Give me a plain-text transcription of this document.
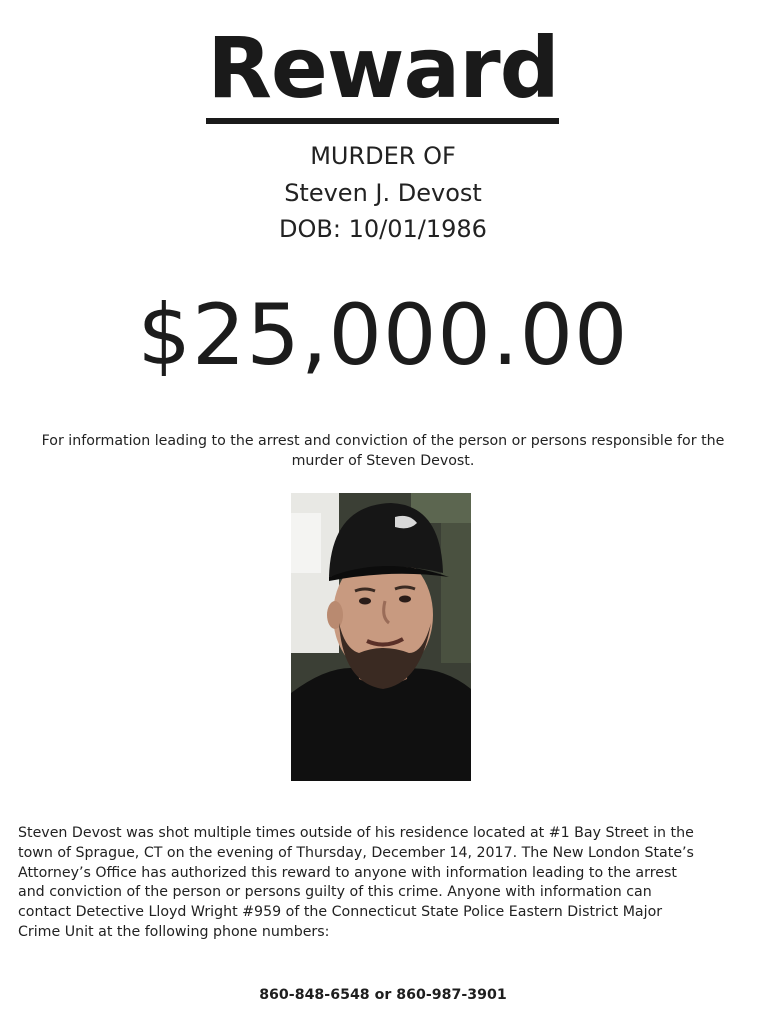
Reward

MURDER OF

Steven J. Devost

DOB: 10/01/1986

$25,000.00

For information leading to the arrest and conviction of the person or persons responsible for the murder of Steven Devost.

Steven Devost was shot multiple times outside of his residence located at #1 Bay Street in the
town of Sprague, CT on the evening of Thursday, December 14, 2017. The New London State’s
Attorney’s Office has authorized this reward to anyone with information leading to the arrest
and conviction of the person or persons guilty of this crime. Anyone with information can
contact Detective Lloyd Wright #959 of the Connecticut State Police Eastern District Major
Crime Unit at the following phone numbers:

860-848-6548 or 860-987-3901
